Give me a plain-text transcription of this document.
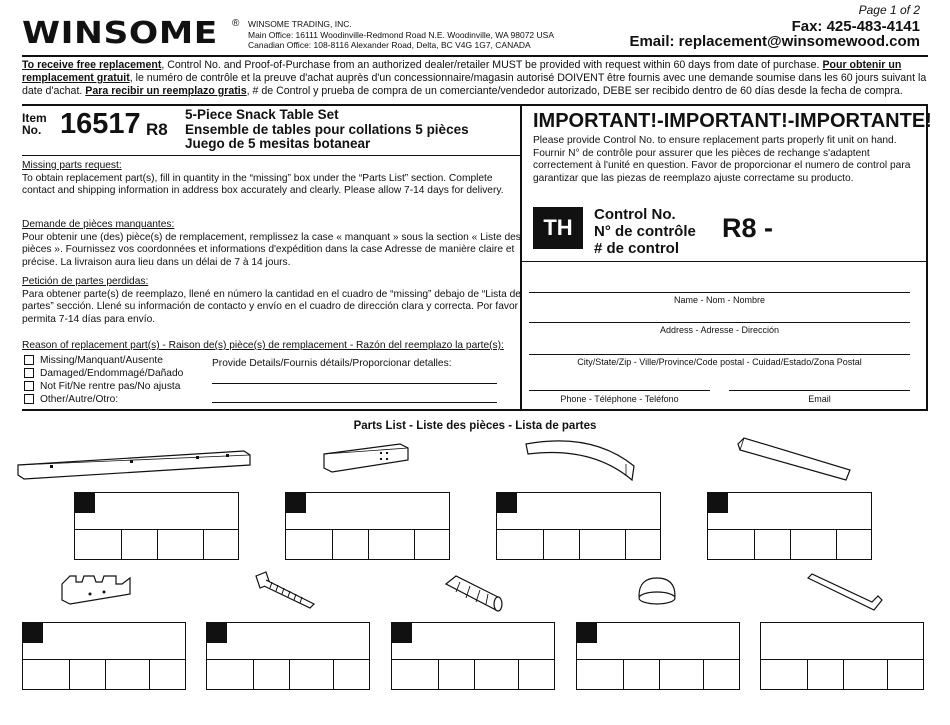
WINSOME ® WINSOME TRADING, INC.
Main Office: 16111 Woodinville-Redmond Road N.E. Woodinville, WA 98072 USA
Canadian Office: 108-8116 Alexander Road, Delta, BC V4G 1G7, CANADA
Page 1 of 2
Fax: 425-483-4141
Email: replacement@winsomewood.com
To receive free replacement, Control No. and Proof-of-Purchase from an authorized dealer/retailer MUST be provided with request within 60 days from date of purchase. Pour obtenir un remplacement gratuit, le numéro de contrôle et la preuve d'achat auprès d'un concessionnaire/magasin autorisé DOIVENT être fournis avec une demande soumise dans les 60 jours suivant la date d'achat. Para recibir un reemplazo gratis, # de Control y prueba de compra de un comerciante/vendedor autorizado, DEBE ser recibido dentro de 60 días desde la fecha de compra.
Item
No. 16517 R8
5-Piece Snack Table Set
Ensemble de tables pour collations 5 pièces
Juego de 5 mesitas botanear
Missing parts request:
To obtain replacement part(s), fill in quantity in the “missing” box under the “Parts List” section. Complete contact and shipping information in address box accurately and clearly. Please allow 7-14 days for delivery.
Demande de pièces manquantes:
Pour obtenir une (des) pièce(s) de remplacement, remplissez la case « manquant » sous la section « Liste des pièces ». Fournissez vos coordonnées et informations d'expédition dans la case Adresse de manière claire et précise. La livraison aura lieu dans un délai de 7 à 14 jours.
Petición de partes perdidas:
Para obtener parte(s) de reemplazo, llené en número la cantidad en el cuadro de “missing” debajo de “Lista de partes” sección. Llené su información de contacto y envío en el cuadro de dirección clara y correcta. Por favor permita 7-14 días para envío.
Reason of replacement part(s) - Raison de(s) pièce(s) de remplacement - Razón del reemplazo la parte(s):
Missing/Manquant/Ausente
Damaged/Endommagé/Dañado
Not Fit/Ne rentre pas/No ajusta
Other/Autre/Otro:
Provide Details/Fournis détails/Proporcionar detalles:
IMPORTANT!-IMPORTANT!-IMPORTANTE!
Please provide Control No. to ensure replacement parts properly fit unit on hand. Fournir N° de contrôle pour assurer que les pièces de rechange s'adaptent correctement à l'unité en question. Favor de proporcionar el numero de control para garantizar que las piezas de reemplazo ajuste correctame su producto.
TH
Control No.
N° de contrôle
# de control
R8 -
Name - Nom - Nombre
Address - Adresse - Dirección
City/State/Zip - Ville/Province/Code postal - Cuidad/Estado/Zona Postal
Phone - Téléphone - Teléfono	Email
Parts List - Liste des pièces - Lista de partes
